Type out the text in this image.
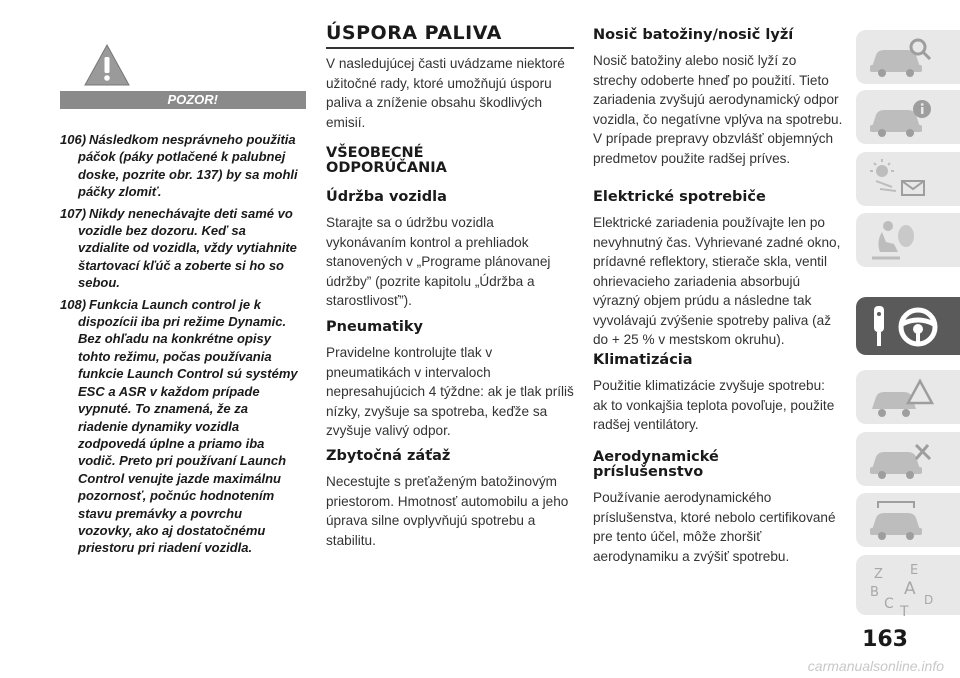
POZOR!
106) Následkom nesprávneho použitia páčok (páky potlačené k palubnej doske, pozrite obr. 137) by sa mohli páčky zlomiť.
107) Nikdy nenechávajte deti samé vo vozidle bez dozoru. Keď sa vzdialite od vozidla, vždy vytiahnite štartovací kľúč a zoberte si ho so sebou.
108) Funkcia Launch control je k dispozícii iba pri režime Dynamic. Bez ohľadu na konkrétne opisy tohto režimu, počas používania funkcie Launch Control sú systémy ESC a ASR v každom prípade vypnuté. To znamená, že za riadenie dynamiky vozidla zodpovedá úplne a priamo iba vodič. Preto pri používaní Launch Control venujte jazde maximálnu pozornosť, počnúc hodnotením stavu premávky a povrchu vozovky, ako aj dostatočnému priestoru pri riadení vozidla.
ÚSPORA PALIVA

V nasledujúcej časti uvádzame niektoré užitočné rady, ktoré umožňujú úsporu paliva a zníženie obsahu škodlivých emisií.

VŠEOBECNÉ ODPORÚČANIA
Údržba vozidla

Starajte sa o údržbu vozidla vykonávaním kontrol a prehliadok stanovených v „Programe plánovanej údržby” (pozrite kapitolu „Údržba a starostlivosť”).

Pneumatiky

Pravidelne kontrolujte tlak v pneumatikách v intervaloch nepresahujúcich 4 týždne: ak je tlak príliš nízky, zvyšuje sa spotreba, keďže sa zvyšuje valivý odpor.

Zbytočná záťaž

Necestujte s preťaženým batožinovým priestorom. Hmotnosť automobilu a jeho úprava silne ovplyvňujú spotrebu a stabilitu.

Nosič batožiny/nosič lyží

Nosič batožiny alebo nosič lyží zo strechy odoberte hneď po použití. Tieto zariadenia zvyšujú aerodynamický odpor vozidla, čo negatívne vplýva na spotrebu. V prípade prepravy obzvlášť objemných predmetov použite radšej príves.

Elektrické spotrebiče

Elektrické zariadenia používajte len po nevyhnutný čas. Vyhrievané zadné okno, prídavné reflektory, stierače skla, ventil ohrievacieho zariadenia absorbujú výrazný objem prúdu a následne tak vyvolávajú zvýšenie spotreby paliva (až do + 25 % v mestskom okruhu).

Klimatizácia

Použitie klimatizácie zvyšuje spotrebu: ak to vonkajšia teplota povoľuje, použite radšej ventilátory.

Aerodynamické príslušenstvo

Používanie aerodynamického príslušenstva, ktoré nebolo certifikované pre tento účel, môže zhoršiť aerodynamiku a zvýšiť spotrebu.

Z E
B A
C	D
T
163
carmanualsonline.info
